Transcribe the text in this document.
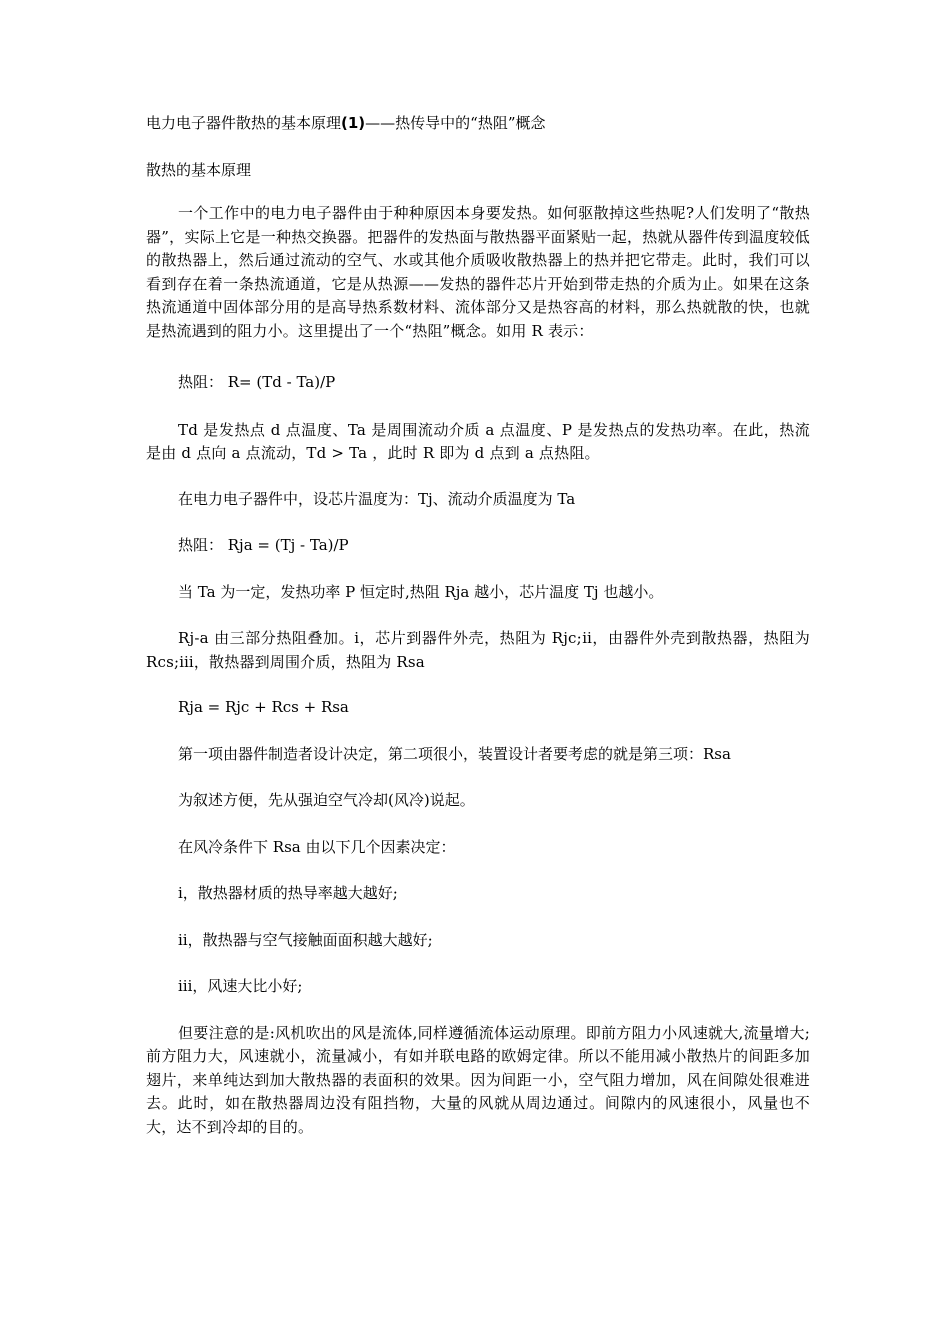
电力电子器件散热的基本原理(1)——热传导中的“热阻”概念
散热的基本原理

一个工作中的电力电子器件由于种种原因本身要发热。如何驱散掉这些热呢?人们发明了“散热器”，实际上它是一种热交换器。把器件的发热面与散热器平面紧贴一起，热就从器件传到温度较低的散热器上，然后通过流动的空气、水或其他介质吸收散热器上的热并把它带走。此时，我们可以看到存在着一条热流通道，它是从热源——发热的器件芯片开始到带走热的介质为止。如果在这条热流通道中固体部分用的是高导热系数材料、流体部分又是热容高的材料，那么热就散的快，也就是热流遇到的阻力小。这里提出了一个“热阻”概念。如用 R 表示：

热阻： R= (Td - Ta)/P

Td 是发热点 d 点温度、Ta 是周围流动介质 a 点温度、P 是发热点的发热功率。在此，热流是由 d 点向 a 点流动，Td > Ta ，此时 R 即为 d 点到 a 点热阻。

在电力电子器件中，设芯片温度为：Tj、流动介质温度为 Ta
热阻： Rja = (Tj - Ta)/P
当 Ta 为一定，发热功率 P 恒定时,热阻 Rja 越小，芯片温度 Tj 也越小。

Rj-a 由三部分热阻叠加。ⅰ，芯片到器件外壳，热阻为 Rjc;ⅱ，由器件外壳到散热器，热阻为 Rcs;ⅲ，散热器到周围介质，热阻为 Rsa

Rja = Rjc + Rcs + Rsa
第一项由器件制造者设计决定，第二项很小，装置设计者要考虑的就是第三项：Rsa
为叙述方便，先从强迫空气冷却(风冷)说起。
在风冷条件下 Rsa 由以下几个因素决定：
ⅰ，散热器材质的热导率越大越好;
ⅱ，散热器与空气接触面面积越大越好;
ⅲ，风速大比小好;

但要注意的是:风机吹出的风是流体,同样遵循流体运动原理。即前方阻力小风速就大,流量增大;前方阻力大，风速就小，流量减小，有如并联电路的欧姆定律。所以不能用减小散热片的间距多加翅片，来单纯达到加大散热器的表面积的效果。因为间距一小，空气阻力增加，风在间隙处很难进去。此时，如在散热器周边没有阻挡物，大量的风就从周边通过。间隙内的风速很小，风量也不大，达不到冷却的目的。
